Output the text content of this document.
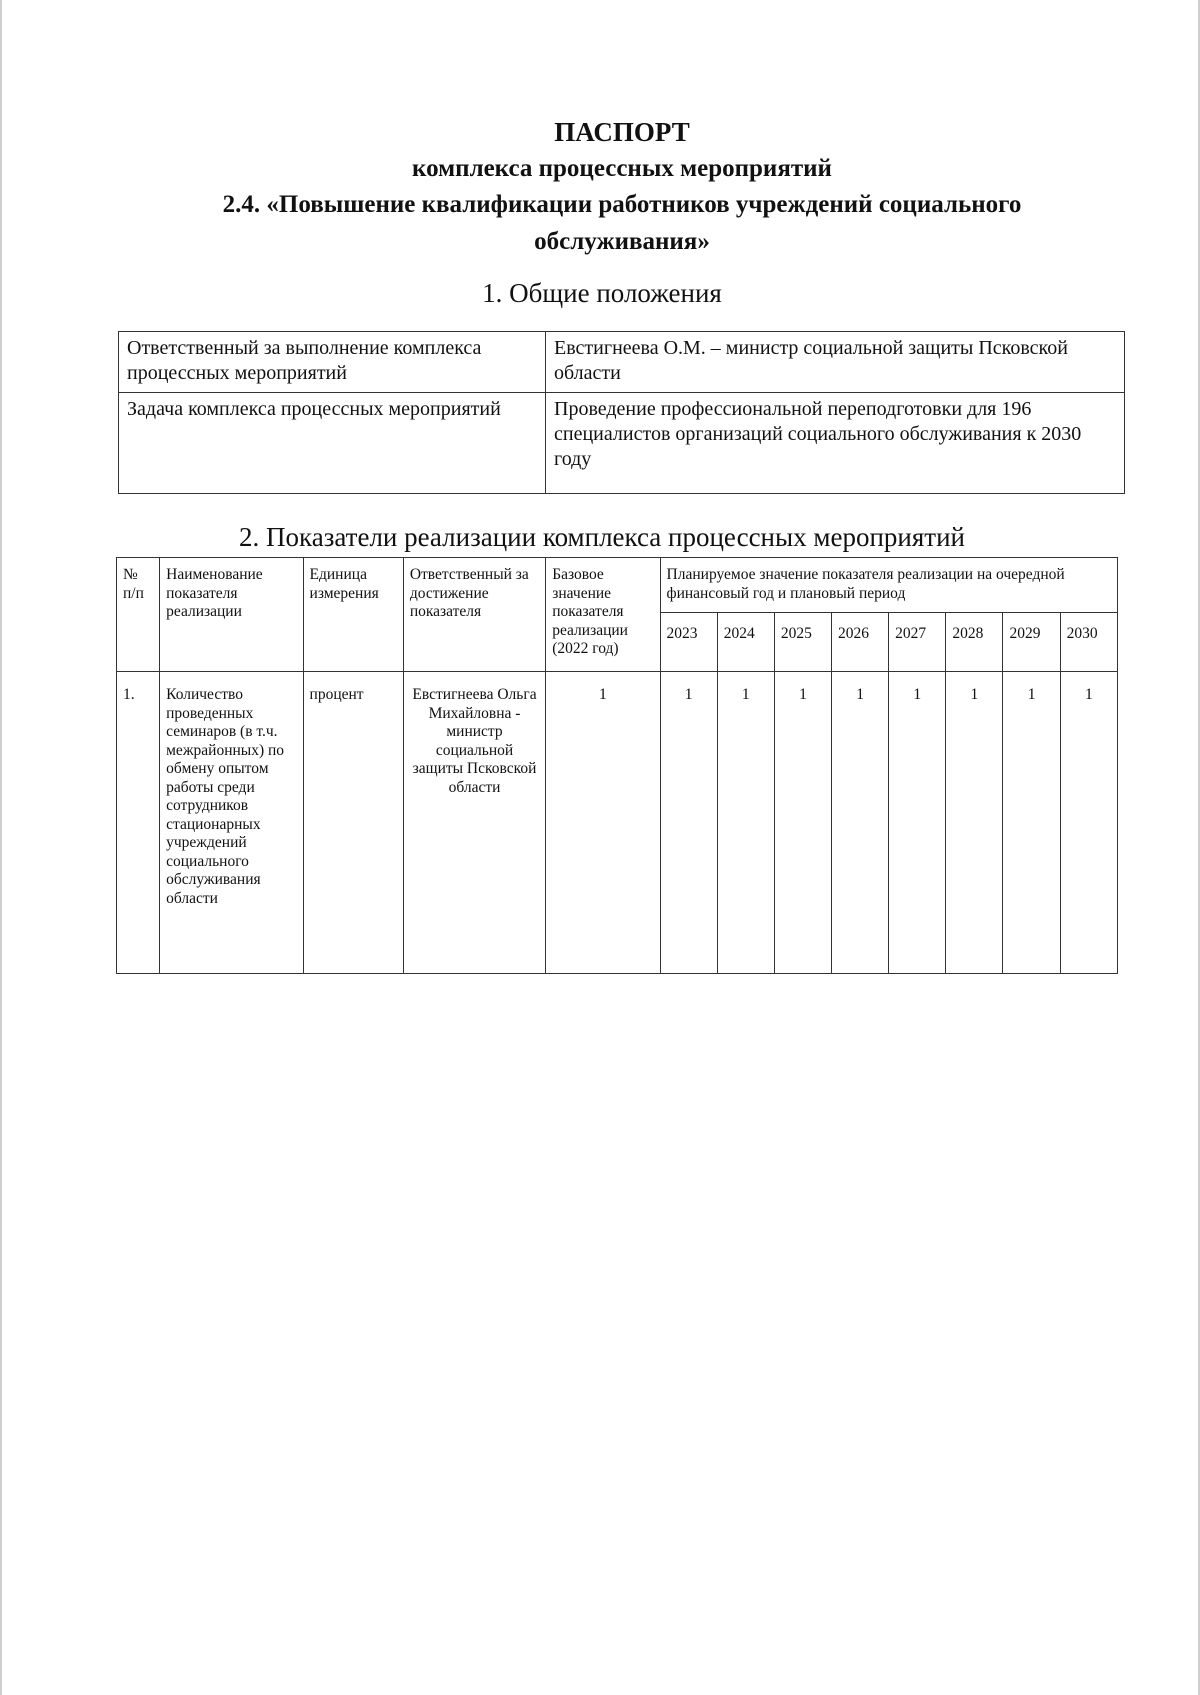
ПАСПОРТ
комплекса процессных мероприятий
2.4. «Повышение квалификации работников учреждений социального
обслуживания»
1. Общие положения
Ответственный за выполнение комплекса процессных мероприятий	Евстигнеева О.М. – министр социальной защиты Псковской области
Задача комплекса процессных мероприятий	Проведение профессиональной переподготовки для 196 специалистов организаций социального обслуживания к 2030 году
2. Показатели реализации комплекса процессных мероприятий
№ п/п	Наименование показателя реализации	Единица измерения	Ответственный за достижение показателя	Базовое значение показателя реализации (2022 год)	Планируемое значение показателя реализации на очередной финансовый год и плановый период							
					2023	2024	2025	2026	2027	2028	2029	2030
1.	Количество проведенных семинаров (в т.ч. межрайонных) по обмену опытом работы среди сотрудников стационарных учреждений социального обслуживания области	процент	Евстигнеева Ольга Михайловна - министр социальной защиты Псковской области	1	1	1	1	1	1	1	1	1
